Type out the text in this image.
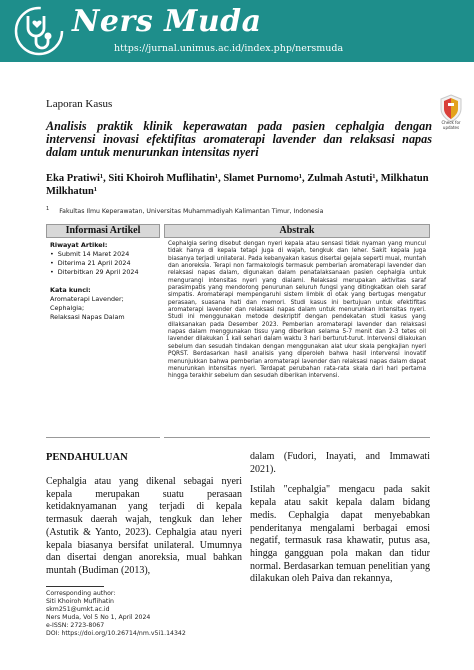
Ners Muda
https://jurnal.unimus.ac.id/index.php/nersmuda
Check for updates
Laporan Kasus
Analisis praktik klinik keperawatan pada pasien cephalgia dengan intervensi inovasi efektifitas aromaterapi lavender dan relaksasi napas dalam untuk menurunkan intensitas nyeri
Eka Pratiwi¹, Siti Khoiroh Muflihatin¹, Slamet Purnomo¹, Zulmah Astuti¹, Milkhatun
Milkhatun¹
$^1$ Fakultas Ilmu Keperawatan, Universitas Muhammadiyah Kalimantan Timur, Indonesia
Informasi Artikel
Riwayat Artikel:
• Submit 14 Maret 2024
• Diterima 21 April 2024
• Diterbitkan 29 April 2024
Kata kunci:
Aromaterapi Lavender; Cephalgia;
Relaksasi Napas Dalam
Abstrak
Cephalgia sering disebut dengan nyeri kepala atau sensasi tidak nyaman yang muncul tidak hanya di kepala tetapi juga di wajah, tengkuk dan leher. Sakit kepala juga biasanya terjadi unilateral. Pada kebanyakan kasus disertai gejala seperti mual, muntah dan anoreksia. Terapi non farmakologis termasuk pemberian aromaterapi lavender dan relaksasi napas dalam, digunakan dalam penatalaksanaan pasien cephalgia untuk mengurangi intensitas nyeri yang dialami. Relaksasi merupakan aktivitas saraf parasimpatis yang mendorong penurunan seluruh fungsi yang ditingkatkan oleh saraf simpatis. Aromaterapi mempengaruhi sistem limbik di otak yang bertugas mengatur perasaan, suasana hati dan memori. Studi kasus ini bertujuan untuk efektifitas aromaterapi lavender dan relaksasi napas dalam untuk menurunkan intensitas nyeri. Studi ini menggunakan metode deskriptif dengan pendekatan studi kasus yang dilaksanakan pada Desember 2023. Pemberian aromaterapi lavender dan relaksasi napas dalam menggunakan tissu yang diberikan selama 5-7 menit dan 2-3 tetes oil lavender dilakukan 1 kali sehari dalam waktu 3 hari berturut-turut. Intervensi dilakukan sebelum dan sesudah tindakan dengan menggunakan alat ukur skala pengkajian nyeri PQRST. Berdasarkan hasil analisis yang diperoleh bahwa hasil intervensi inovatif menunjukkan bahwa pemberian aromaterapi lavender dan relaksasi napas dalam dapat menurunkan intensitas nyeri. Terdapat perubahan rata-rata skala dari hari pertama hingga terakhir sebelum dan sesudah diberikan intervensi.
PENDAHULUAN
Cephalgia atau yang dikenal sebagai nyeri kepala merupakan suatu perasaan ketidaknyamanan yang terjadi di kepala termasuk daerah wajah, tengkuk dan leher (Astutik & Yanto, 2023). Cephalgia atau nyeri kepala biasanya bersifat unilateral. Umumnya dan disertai dengan anoreksia, mual bahkan muntah (Budiman (2013),

dalam (Fudori, Inayati, and Immawati 2021).

Istilah "cephalgia" mengacu pada sakit kepala atau sakit kepala dalam bidang medis. Cephalgia dapat menyebabkan penderitanya mengalami berbagai emosi negatif, termasuk rasa khawatir, putus asa, hingga gangguan pola makan dan tidur normal. Berdasarkan temuan penelitian yang dilakukan oleh Paiva dan rekannya,

Corresponding author:
Siti Khoiroh Muflihatin
skm251@umkt.ac.id
Ners Muda, Vol 5 No 1, April 2024
e-ISSN: 2723-8067
DOI: https://doi.org/10.26714/nm.v5i1.14342
